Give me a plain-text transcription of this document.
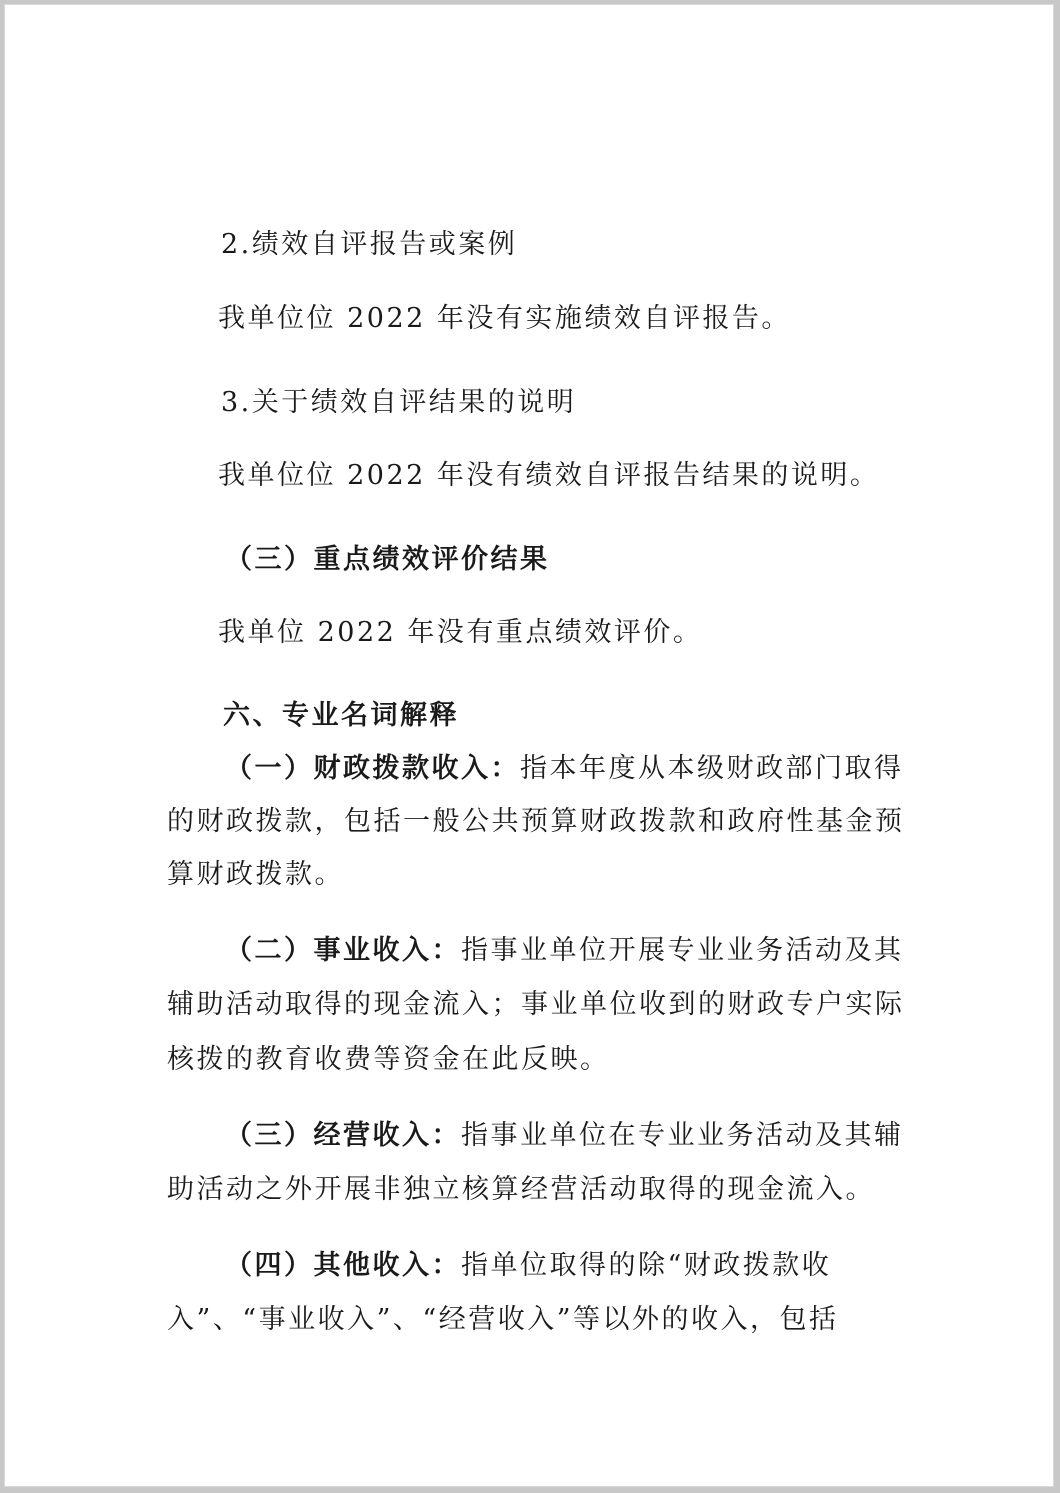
2.绩效自评报告或案例
我单位位 2022 年没有实施绩效自评报告。
3.关于绩效自评结果的说明
我单位位 2022 年没有绩效自评报告结果的说明。
（三）重点绩效评价结果
我单位 2022 年没有重点绩效评价。
六、专业名词解释
（一）财政拨款收入：指本年度从本级财政部门取得
的财政拨款，包括一般公共预算财政拨款和政府性基金预
算财政拨款。
（二）事业收入：指事业单位开展专业业务活动及其
辅助活动取得的现金流入；事业单位收到的财政专户实际
核拨的教育收费等资金在此反映。
（三）经营收入：指事业单位在专业业务活动及其辅
助活动之外开展非独立核算经营活动取得的现金流入。
（四）其他收入：指单位取得的除“财政拨款收
入”、“事业收入”、“经营收入”等以外的收入，包括
